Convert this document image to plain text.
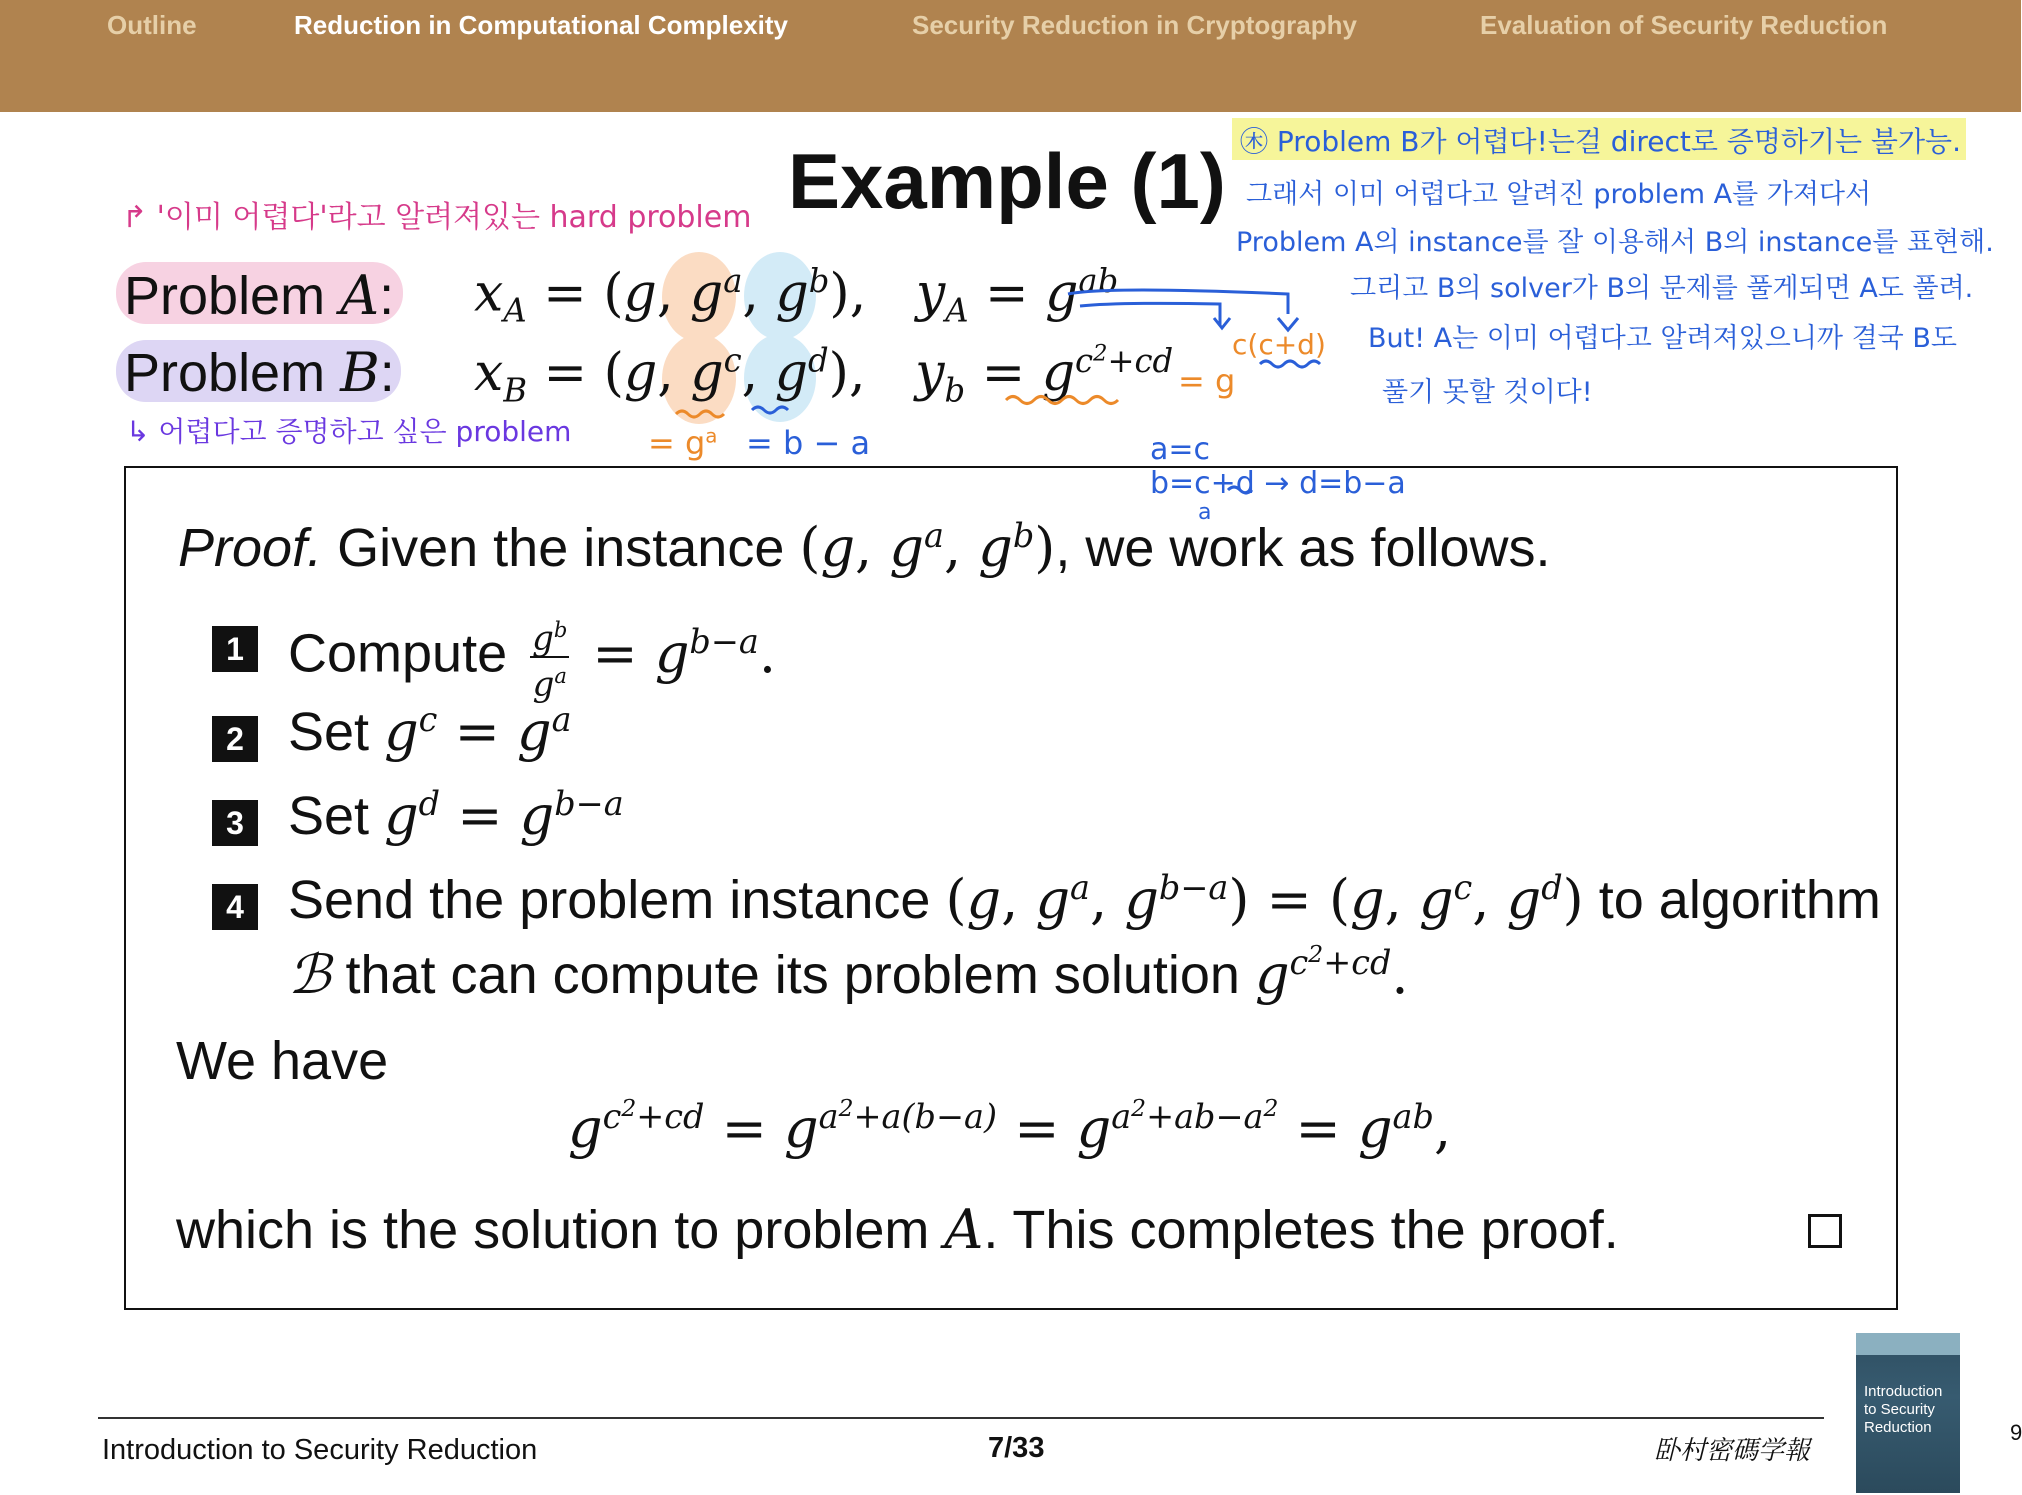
Outline	Reduction in Computational Complexity	Security Reduction in Cryptography	Evaluation of Security Reduction
Example (1)
↱ '이미 어렵다'라고 알려져있는 hard problem
Problem A:
Problem B:
$x_A = (g$, $g^a$, $g^b$),   $y_A = g^{ab}$
$x_B = (g$, $g^c$, $g^d$),   $y_b = g^{c^2+cd}$
↳ 어렵다고 증명하고 싶은 problem = $g^a = b - a$
= g
c(c+d)
a=c
b=c+d → d=b−a
a
㊍ Problem B가 어렵다!는걸 direct로 증명하기는 불가능.
그래서 이미 어렵다고 알려진 problem A를 가져다서
Problem A의 instance를 잘 이용해서 B의 instance를 표현해.
그리고 B의 solver가 B의 문제를 풀게되면 A도 풀려.
But! A는 이미 어렵다고 알려져있으니까 결국 B도
풀기 못할 것이다!
Proof. Given the instance (g, $g^a$, $g^b$), we work as follows.
1 Compute $\frac{g^b}{g^a} = g^{b-a}$.
2 Set $g^c = g^a$
3 Set $g^d = g^{b-a}$
4 Send the problem instance (g, $g^a$, $g^{b-a}) = (g$, $g^c$, $g^d$) to algorithm
ℬ that can compute its problem solution $g^{c^2+cd}$.
We have
$g^{c^2+cd} = g^{a^2+a(b-a)} = g^{a^2+ab-a^2} = g^{ab}$,
which is the solution to problem A. This completes the proof.
Introduction to Security Reduction	7/33	卧村密碼学報
Introduction
to Security
Reduction	9
